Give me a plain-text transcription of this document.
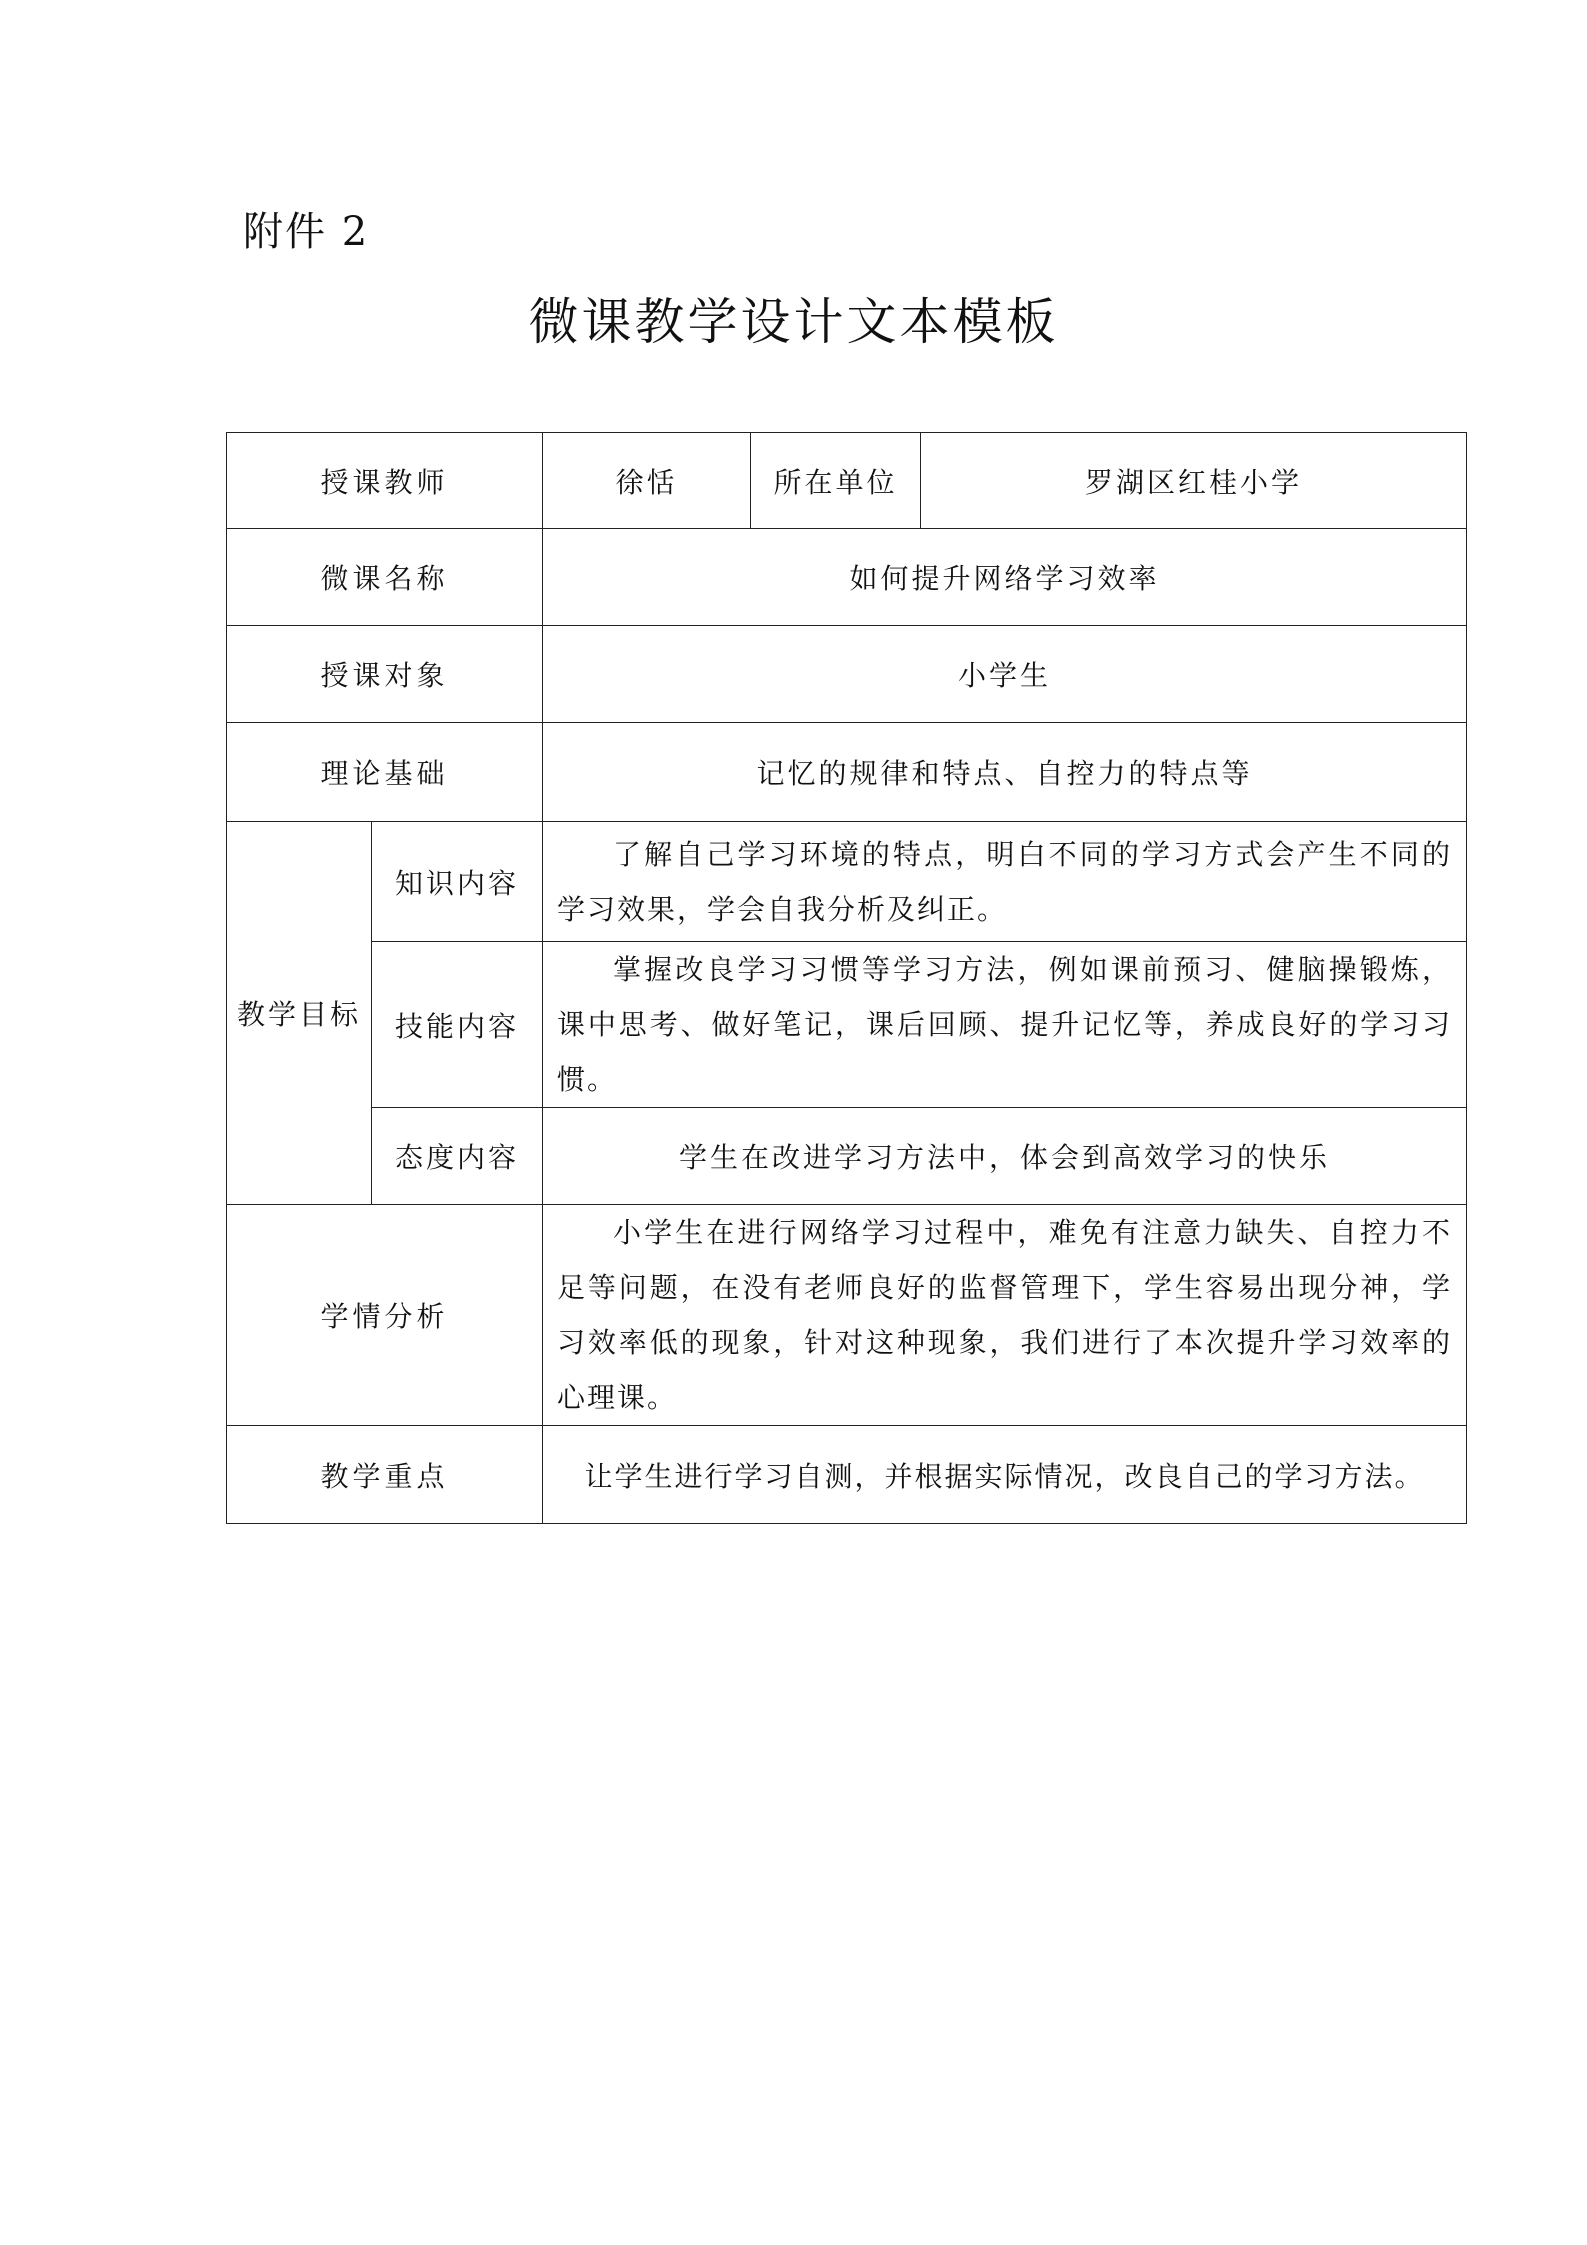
附件 2
微课教学设计文本模板
授课教师		徐恬	所在单位	罗湖区红桂小学
微课名称		如何提升网络学习效率		
授课对象		小学生		
理论基础		记忆的规律和特点、自控力的特点等		
教学目标	知识内容	了解自己学习环境的特点，明白不同的学习方式会产生不同的学习效果，学会自我分析及纠正。		
	技能内容	掌握改良学习习惯等学习方法，例如课前预习、健脑操锻炼，课中思考、做好笔记，课后回顾、提升记忆等，养成良好的学习习惯。		
	态度内容	学生在改进学习方法中，体会到高效学习的快乐		
学情分析		小学生在进行网络学习过程中，难免有注意力缺失、自控力不足等问题，在没有老师良好的监督管理下，学生容易出现分神，学习效率低的现象，针对这种现象，我们进行了本次提升学习效率的心理课。		
教学重点		让学生进行学习自测，并根据实际情况，改良自己的学习方法。		
